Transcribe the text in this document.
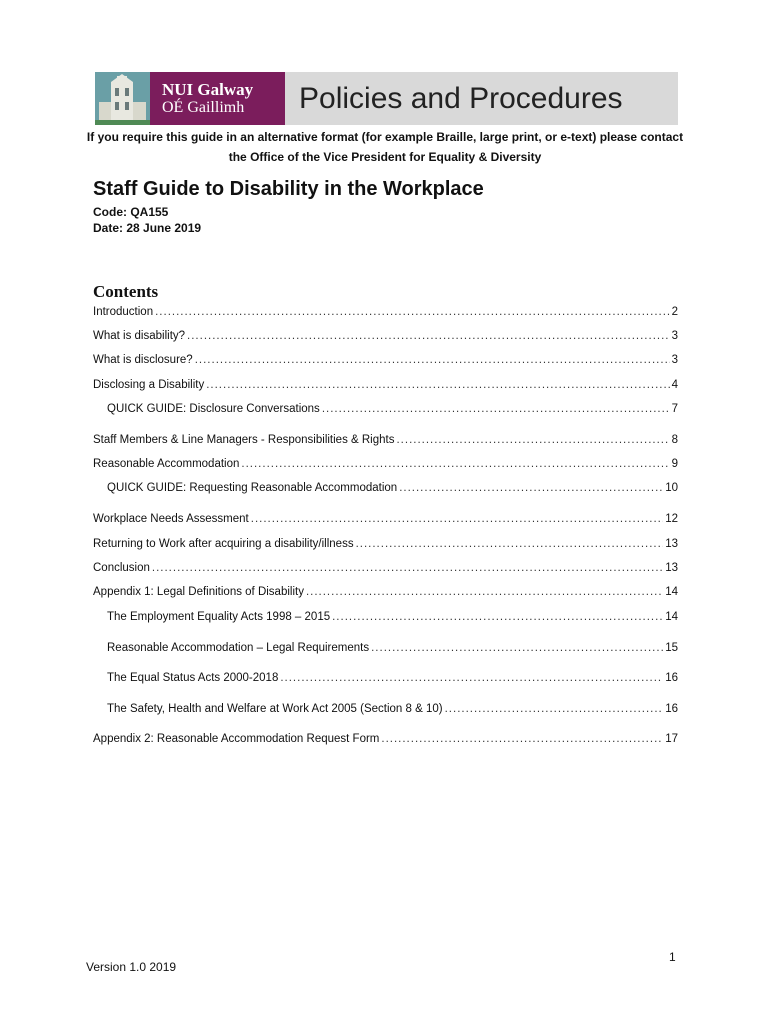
NUI Galway
OÉ Gaillimh	Policies and Procedures
If you require this guide in an alternative format (for example Braille, large print, or e-text) please contact the Office of the Vice President for Equality & Diversity
Staff Guide to Disability in the Workplace
Code: QA155
Date: 28 June 2019
Contents
Introduction .....	2
What is disability? .....	3
What is disclosure? .....	3
Disclosing a Disability .....	4
QUICK GUIDE: Disclosure Conversations .....	7
Staff Members & Line Managers - Responsibilities & Rights .....	8
Reasonable Accommodation .....	9
QUICK GUIDE: Requesting Reasonable Accommodation .....	10
Workplace Needs Assessment .....	12
Returning to Work after acquiring a disability/illness .....	13
Conclusion .....	13
Appendix 1: Legal Definitions of Disability .....	14
The Employment Equality Acts 1998 – 2015 .....	14
Reasonable Accommodation – Legal Requirements .....	15
The Equal Status Acts 2000-2018 .....	16
The Safety, Health and Welfare at Work Act 2005 (Section 8 & 10) .....	16
Appendix 2: Reasonable Accommodation Request Form .....	17
1
Version 1.0 2019
